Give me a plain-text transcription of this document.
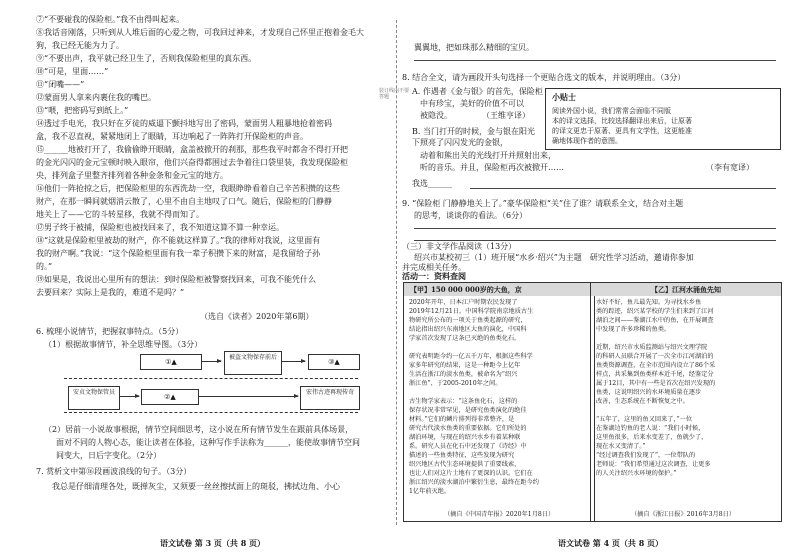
⑦“不要碰我的保险柜。”我不由得叫起来。
⑧我话音刚落，只听到从人堆后面的心爱之物，可我回过神来，才发现自己怀里正抱着金毛大
狗，我已经无能为力了。
⑨“不要出声，我平就已经卫生了，否则我保险柜里的真东西。
⑩“可是，里面……”
⑪“闭嘴——”
⑫蒙面男人拿来内裹住我的嘴巴。
⑬“喂，把密码写到纸上。”
⑭透过手电光，我只好在歹徒的威逼下颤抖地写出了密码，蒙面男人粗暴地抢着密码
盒，我不忍直视，紧紧地闭上了眼睛，耳边响起了一阵阵打开保险柜的声音。
⑮______地被打开了，我偷偷睁开眼睛，盒盖被掀开的刹那，那些我平时都舍不得打开把
的金光闪闪的金元宝顿时映入眼帘，他们兴奋得都围过去争着往口袋里装，我发现保险柜
央，排列盒子里整齐排列着各种金条和金元宝的地方。
⑯他们一阵抢掠之后，把保险柜里的东西洗劫一空，我眼睁睁看着自己辛苦积攒的这些
财产，在那一瞬间就烟消云散了，心里不由自主地叹了口气。随后，保险柜的门静静
地关上了——它的斗转星移，我就不得而知了。
⑰男子终于被捕，保险柜也被找回来了，我不知道这算不算一种幸运。
⑱“这就是保险柜里被劫的财产，你不能就这样算了。”我的律师对我说，这里面有
我的财产啊。”我说：“这个保险柜里面有我一辈子积攒下来的财富，是我留给子孙
的。”
⑲如果是，我说出心里所有的想法：到时保险柜被警察找回来，可我不能凭什么
去要回来？实际上是我的，难道不是吗？”
（选自《读者》2020年第6期）
6. 梳理小说情节，把握叙事特点。（5分）
（1）根据故事情节，补全思维导图。（3分）
①▲
被盗文物保存前后
③▲
安贞文物保管员
②▲
宏伟古迹再现传奇
（2）居前一小说故事根据，情节空间细思考，这小说在所有情节发生在跟前具体场景，
面对不同的人物心态，能让读者在体验，这种写作手法称为______，能使故事情节空间
间变大，日后字变化。（2分）
7. 赏析文中第⑯段画波浪线的句子。（3分）
我总是仔细清理各处，既掸灰尘，又须要一丝丝擦拭面上的斑驳，拂拭边角、小心
语文试卷 第 3 页（共 8 页）
装订线内不要答题
翼翼地，把如珠那么精细的宝贝。
8. 结合全文，请为画段开头句选择一个更贴合选文的版本，并说明理由。（3分）
A. 作遇者《金与银》的首先，保险柜
中有珍宝，美好的价值不可以
被隐没。	（王维亨译）
B. 当门打开的时候，金与银在阳光下照亮了闪闪发光的金银，
动着和熊出关的光线打开并照射出来，
听的音乐。并且，保险柜再次被掀开……	（李有宽译）
小贴士
阅读外国小说，我们常常会面临不同版
本的译文选择，比较选择翻译出来后，让原著
的译文更忠于原著、更具有文学性，这更能准
确地体现作者的意图。
我选______
9. “保险柜 门静静地关上了。”豪华保险柜“关”住了谁？请联系全文，结合对主题
的思考，谈谈你的看法。（6分）
（三）非文学作品阅读（13分）
绍兴市某校初三（1）班开展“水乡·绍兴”为主题　研究性学习活动，邀请你参加
并完成相关任务。
活动一：资料查阅
【甲】150 000 000岁的大鱼，京
2020年开年，日本江户时期农民发现了
2019年12月21日，中国科学院南京地质古生
物研究所公布的一项关于鱼类起源的研究，
结论指出绍兴东南地区大鱼的演化，中国科
学家首次发现了这条已灭绝的鱼类化石。
研究表明距今约一亿五千万年，根据这些科学
家多年研究的结果，这是一种距今上亿年
生活在浙江的淡水鱼类，被命名为“绍兴
浙江鱼”，于2005-2010年之间。
古生物学家表示：“这条鱼化石，这样的
保存状况非常罕见，是研究鱼类演化的绝佳
材料。”它们的鳞片排列得非常整齐，是
研究古代淡水鱼类的重要依据。它们所处的
湖泊环境，与现在的绍兴水乡有着某种联
系。研究人员在化石中还发现了《诗经》中
描述的一些鱼类特征，这些发现为研究
绍兴地区古代生态环境提供了重要线索，
也让人们对这片土地有了更深的认识。它们在
浙江绍兴的淡水湖泊中繁衍生息，最终在距今约
1亿年前灭绝。
（摘自《中国青年报》2020年1月8日）
【乙】江河水涌鱼先知
水好不好，鱼儿最先知。为寻找水乡鱼
类的踪迹，绍兴某学校的学生们来到了江河
湖泊之间——鉴湖江水中的鱼，在开展调查
中发现了许多珍稀的鱼类。
近期，绍兴市水质监测站与绍兴文理学院
的科研人员联合开展了一次全市江河湖泊的
鱼类资源调查，在全市范围内设立了86个采
样点，共采集到鱼类样本近千尾，经鉴定分
属于12目，其中有一些是首次在绍兴发现的
鱼类，这说明绍兴的水环境质量在逐步
改善，生态系统在不断恢复之中。
“五年了，这里的鱼又回来了，”一位
在鉴湖边钓鱼的老人说：“我们小时候，
这里鱼很多，后来水变差了，鱼就少了，
现在水又变清了。”
“经过调查我们发现了”，一位带队的
老师说：“我们希望通过这次调查，让更多
的人关注绍兴水环境的保护。”
（摘自《浙江日报》2016年3月8日）
语文试卷 第 4 页（共 8 页）
